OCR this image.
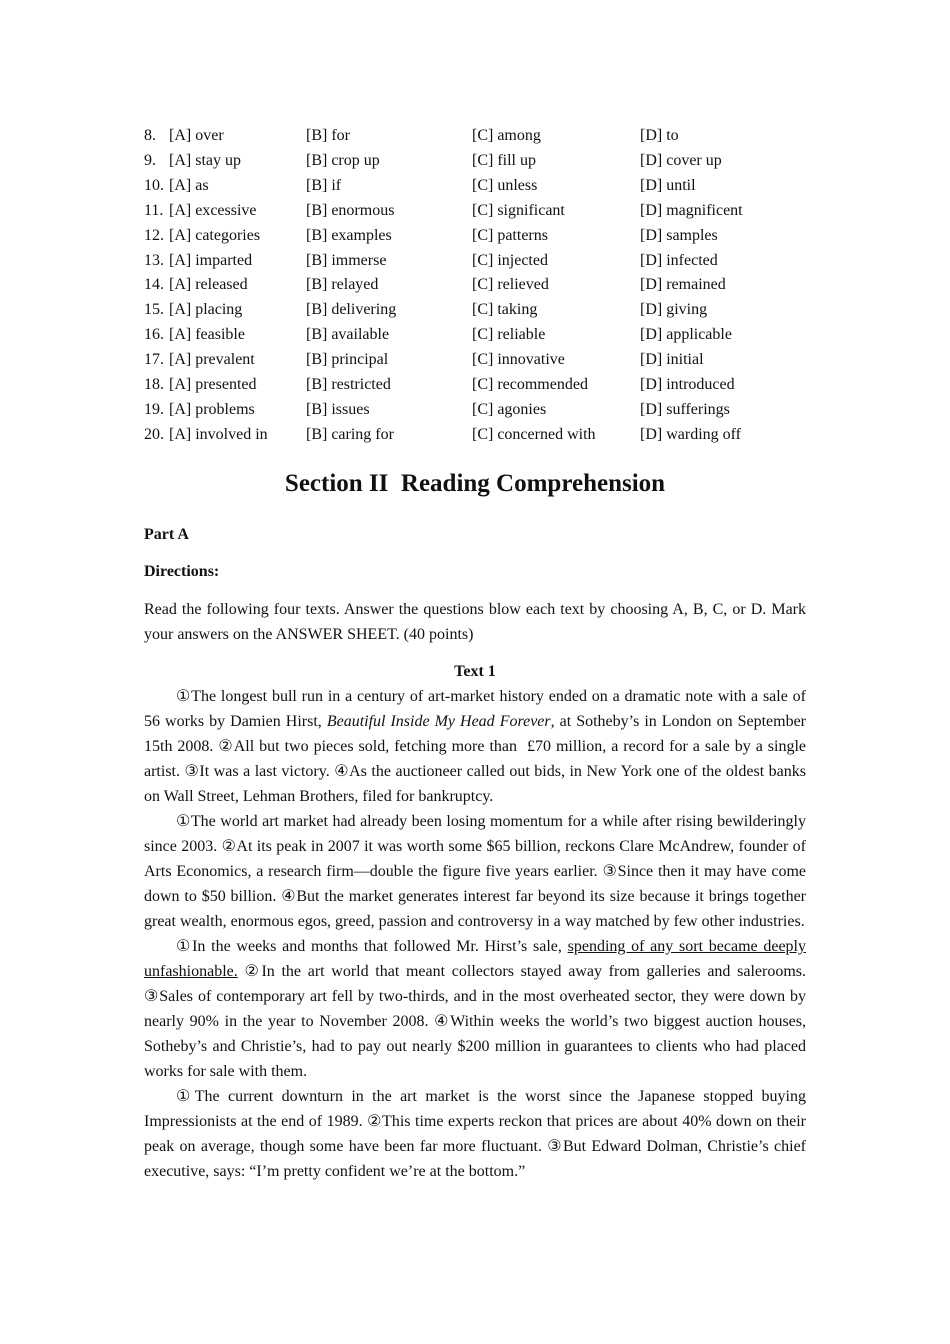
8. [A] over	[B] for	[C] among	[D] to
9. [A] stay up	[B] crop up	[C] fill up	[D] cover up
10. [A] as	[B] if	[C] unless	[D] until
11. [A] excessive	[B] enormous	[C] significant	[D] magnificent
12. [A] categories	[B] examples	[C] patterns	[D] samples
13. [A] imparted	[B] immerse	[C] injected	[D] infected
14. [A] released	[B] relayed	[C] relieved	[D] remained
15. [A] placing	[B] delivering	[C] taking	[D] giving
16. [A] feasible	[B] available	[C] reliable	[D] applicable
17. [A] prevalent	[B] principal	[C] innovative	[D] initial
18. [A] presented	[B] restricted	[C] recommended	[D] introduced
19. [A] problems	[B] issues	[C] agonies	[D] sufferings
20. [A] involved in	[B] caring for	[C] concerned with	[D] warding off
Section II  Reading Comprehension
Part A
Directions:
Read the following four texts. Answer the questions blow each text by choosing A, B, C, or D. Mark your answers on the ANSWER SHEET. (40 points)
Text 1

①The longest bull run in a century of art-market history ended on a dramatic note with a sale of 56 works by Damien Hirst, Beautiful Inside My Head Forever, at Sotheby’s in London on September 15th 2008. ②All but two pieces sold, fetching more than  £70 million, a record for a sale by a single artist. ③It was a last victory. ④As the auctioneer called out bids, in New York one of the oldest banks on Wall Street, Lehman Brothers, filed for bankruptcy.

①The world art market had already been losing momentum for a while after rising bewilderingly since 2003. ②At its peak in 2007 it was worth some $65 billion, reckons Clare McAndrew, founder of Arts Economics, a research firm—double the figure five years earlier. ③Since then it may have come down to $50 billion. ④But the market generates interest far beyond its size because it brings together great wealth, enormous egos, greed, passion and controversy in a way matched by few other industries.

①In the weeks and months that followed Mr. Hirst’s sale, spending of any sort became deeply unfashionable. ②In the art world that meant collectors stayed away from galleries and salerooms. ③Sales of contemporary art fell by two-thirds, and in the most overheated sector, they were down by nearly 90% in the year to November 2008. ④Within weeks the world’s two biggest auction houses, Sotheby’s and Christie’s, had to pay out nearly $200 million in guarantees to clients who had placed works for sale with them.

①The current downturn in the art market is the worst since the Japanese stopped buying Impressionists at the end of 1989. ②This time experts reckon that prices are about 40% down on their peak on average, though some have been far more fluctuant. ③But Edward Dolman, Christie’s chief executive, says: “I’m pretty confident we’re at the bottom.”
